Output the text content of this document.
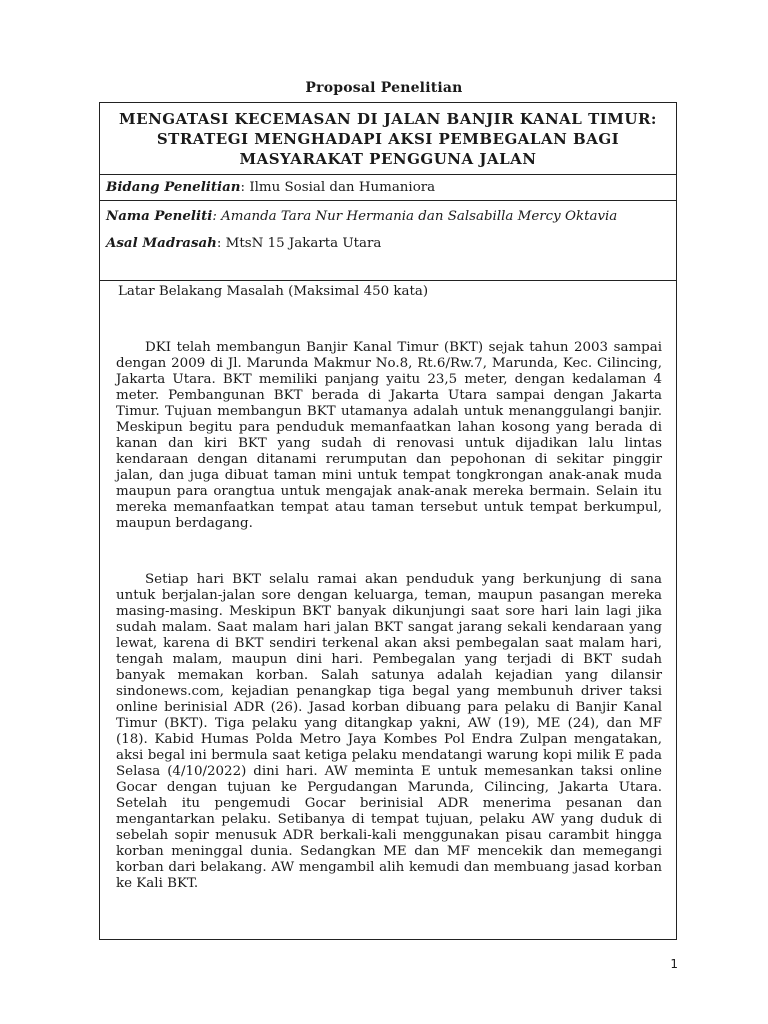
Proposal Penelitian
MENGATASI KECEMASAN DI JALAN BANJIR KANAL TIMUR:
STRATEGI MENGHADAPI AKSI PEMBEGALAN BAGI
MASYARAKAT PENGGUNA JALAN
Bidang Penelitian: Ilmu Sosial dan Humaniora
Nama Peneliti: Amanda Tara Nur Hermania dan Salsabilla Mercy Oktavia
Asal Madrasah: MtsN 15 Jakarta Utara
Latar Belakang Masalah (Maksimal 450 kata)

DKI telah membangun Banjir Kanal Timur (BKT) sejak tahun 2003 sampai dengan 2009 di Jl. Marunda Makmur No.8, Rt.6/Rw.7, Marunda, Kec. Cilincing, Jakarta Utara. BKT memiliki panjang yaitu 23,5 meter, dengan kedalaman 4 meter. Pembangunan BKT berada di Jakarta Utara sampai dengan Jakarta Timur. Tujuan membangun BKT utamanya adalah untuk menanggulangi banjir. Meskipun begitu para penduduk memanfaatkan lahan kosong yang berada di kanan dan kiri BKT yang sudah di renovasi untuk dijadikan lalu lintas kendaraan dengan ditanami rerumputan dan pepohonan di sekitar pinggir jalan, dan juga dibuat taman mini untuk tempat tongkrongan anak-anak muda maupun para orangtua untuk mengajak anak-anak mereka bermain. Selain itu mereka memanfaatkan tempat atau taman tersebut untuk tempat berkumpul, maupun berdagang.

Setiap hari BKT selalu ramai akan penduduk yang berkunjung di sana untuk berjalan-jalan sore dengan keluarga, teman, maupun pasangan mereka masing-masing. Meskipun BKT banyak dikunjungi saat sore hari lain lagi jika sudah malam. Saat malam hari jalan BKT sangat jarang sekali kendaraan yang lewat, karena di BKT sendiri terkenal akan aksi pembegalan saat malam hari, tengah malam, maupun dini hari. Pembegalan yang terjadi di BKT sudah banyak memakan korban. Salah satunya adalah kejadian yang dilansir sindonews.com, kejadian penangkap tiga begal yang membunuh driver taksi online berinisial ADR (26). Jasad korban dibuang para pelaku di Banjir Kanal Timur (BKT). Tiga pelaku yang ditangkap yakni, AW (19), ME (24), dan MF (18). Kabid Humas Polda Metro Jaya Kombes Pol Endra Zulpan mengatakan, aksi begal ini bermula saat ketiga pelaku mendatangi warung kopi milik E pada Selasa (4/10/2022) dini hari. AW meminta E untuk memesankan taksi online Gocar dengan tujuan ke Pergudangan Marunda, Cilincing, Jakarta Utara. Setelah itu pengemudi Gocar berinisial ADR menerima pesanan dan mengantarkan pelaku. Setibanya di tempat tujuan, pelaku AW yang duduk di sebelah sopir menusuk ADR berkali-kali menggunakan pisau carambit hingga korban meninggal dunia. Sedangkan ME dan MF mencekik dan memegangi korban dari belakang. AW mengambil alih kemudi dan membuang jasad korban ke Kali BKT.

1
